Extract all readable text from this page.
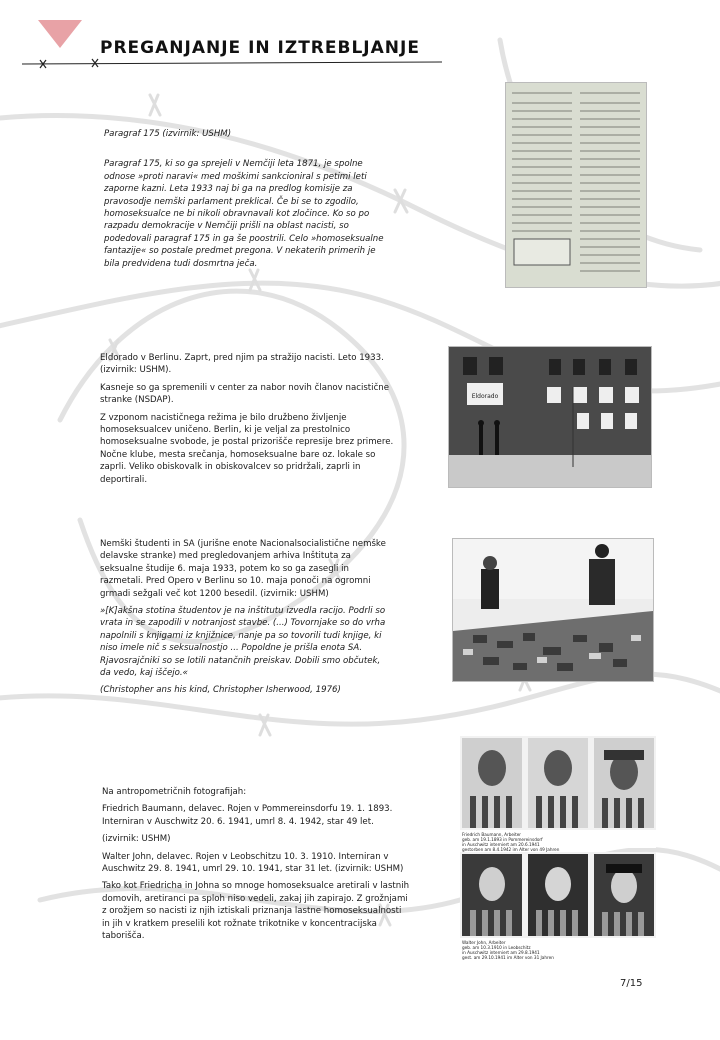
PREGANJANJE IN IZTREBLJANJE

Paragraf 175 (izvirnik: USHM)

Paragraf 175, ki so ga sprejeli v Nemčiji leta 1871, je spolne odnose »proti naravi« med moškimi sankcioniral s petimi leti zaporne kazni. Leta 1933 naj bi ga na predlog komisije za pravosodje nemški parlament preklical. Če bi se to zgodilo, homoseksualce ne bi nikoli obravnavali kot zločince. Ko so po razpadu demokracije v Nemčiji prišli na oblast nacisti, so podedovali paragraf 175 in ga še poostrili. Celo »homoseksualne fantazije« so postale predmet pregona. V nekaterih primerih je bila predvidena tudi dosmrtna ječa.

Eldorado v Berlinu. Zaprt, pred njim pa stražijo nacisti. Leto 1933. (izvirnik: USHM).

Kasneje so ga spremenili v center za nabor novih članov nacistične stranke (NSDAP).

Z vzponom nacističnega režima je bilo družbeno življenje homoseksualcev uničeno. Berlin, ki je veljal za prestolnico homoseksualne svobode, je postal prizorišče represije brez primere. Nočne klube, mesta srečanja, homoseksualne bare oz. lokale so zaprli. Veliko obiskovalk in obiskovalcev so pridržali, zaprli in deportirali.

Eldorado

Nemški študenti in SA (jurišne enote Nacionalsocialistične nemške delavske stranke) med pregledovanjem arhiva Inštituta za seksualne študije 6. maja 1933, potem ko so ga zasegli in razmetali. Pred Opero v Berlinu so 10. maja ponoči na ogromni grmadi sežgali več kot 1200 besedil. (izvirnik: USHM)

»[K]akšna stotina študentov je na inštitutu izvedla racijo. Podrli so vrata in se zapodili v notranjost stavbe. (...) Tovornjake so do vrha napolnili s knjigami iz knjižnice, nanje pa so tovorili tudi knjige, ki niso imele nič s seksualnostjo ... Popoldne je prišla enota SA. Rjavosrajčniki so se lotili natančnih preiskav. Dobili smo občutek, da vedo, kaj iščejo.«

(Christopher ans his kind, Christopher Isherwood, 1976)

Na antropometričnih fotografijah:

Friedrich Baumann, delavec. Rojen v Pommereinsdorfu 19. 1. 1893. Interniran v Auschwitz 20. 6. 1941, umrl 8. 4. 1942, star 49 let.

(izvirnik: USHM)

Walter John, delavec. Rojen v Leobschitzu 10. 3. 1910. Interniran v Auschwitz 29. 8. 1941, umrl 29. 10. 1941, star 31 let. (izvirnik: USHM)

Tako kot Friedricha in Johna so mnoge homoseksualce aretirali v lastnih domovih, aretiranci pa sploh niso vedeli, zakaj jih zapirajo. Z grožnjami z orožjem so nacisti iz njih iztiskali priznanja lastne homoseksualnosti in jih v kratkem preselili kot rožnate trikotnike v koncentracijska taborišča.

Friedrich Baumann, Arbeiter
geb. am 19.1.1893 in Pommereinsdorf
in Auschwitz interniert am 20.6.1941
gestorben am 8.4.1942 im Alter von 49 Jahren
Walter John, Arbeiter
geb. am 10.3.1910 in Leobschitz
in Auschwitz interniert am 29.8.1941
gest. am 29.10.1941 im Alter von 31 Jahren
7/15
